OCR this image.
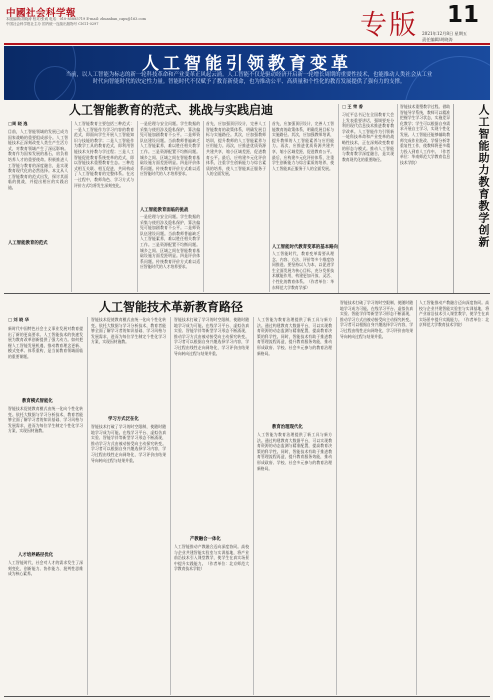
中國社会科学報
本版编辑/胡晓涛 校对/张诚 电话：010-85885719 E-mail: zhuanban_caps@163.com
中国社会科学报社主办 国内统一连续出版物号 CN11-0297	专版 11
2021年12月8日 星期五
责任编辑/胡晓涛
人工智能引领教育变革
当前，以人工智能为标志的新一轮科技革命和产业变革正风起云涌。人工智能不仅是驱动经济开启新一轮增长周期的重要性技术，也能推动人类社会从工业时代向智能时代的决定性力量。智能时代不仅赋予了教育新使命，也为推动公平、高质量和个性化的教育发展提供了强有力的支撑。
人工智能教育的范式、挑战与实践启迪
□周 晓 逸
目前，人工智能领域的发展已成为国家战略的重要组成部分。人工智能技术正深刻改变人类生产生活方式，对教育领域产生了深远影响。教育作为国家发展的基石，肩负着培养人才的重要使命。积极推进人工智能与教育的深度融合，是实现教育现代化的必然选择。本文从人工智能教育的范式出发，探讨其面临的挑战，并提出相应的实践启迪。
人工智能教育的范式
人工智能教育主要包括三种范式：一是人工智能作为学习内容的教育范式，即面向学生开展人工智能知识与技能的教学；二是人工智能作为教学工具的教育范式，即利用智能技术支持教与学过程；三是人工智能促进教育系统变革的范式，即以智能技术重塑教育生态。三种范式相互关联、相互促进，共同构成了人工智能教育的完整体系。在这一过程中，教师角色、学习方式与评价方式均将发生深刻变化。
一是伦理与安全问题。学生数据的采集与使用涉及隐私保护，算法偏见可能加剧教育不公平。二是师资队伍建设问题。当前教师普遍缺乏人工智能素养，难以胜任相关教学工作。三是资源配置不均衡问题。城乡之间、区域之间在智能教育基础设施方面差距明显。四是评价体系问题。传统教育评价方式难以适应智能时代的人才培养要求。
人工智能教育面临的挑战
一是伦理与安全问题。学生数据的采集与使用涉及隐私保护，算法偏见可能加剧教育不公平。二是师资队伍建设问题。当前教师普遍缺乏人工智能素养，难以胜任相关教学工作。三是资源配置不均衡问题。城乡之间、区域之间在智能教育基础设施方面差距明显。四是评价体系问题。传统教育评价方式难以适应智能时代的人才培养要求。
首先，应加强顶层设计，完善人工智能教育的政策体系，明确发展目标与实施路径。其次，应加强教师培训，提升教师的人工智能素养与应用能力。再次，应推进优质资源共建共享，缩小区域差距，促进教育公平。最后，应构建多元化评价体系，注重学生创新能力与综合素质的培养，使人工智能真正服务于人的全面发展。
首先，应加强顶层设计，完善人工智能教育的政策体系，明确发展目标与实施路径。其次，应加强教师培训，提升教师的人工智能素养与应用能力。再次，应推进优质资源共建共享，缩小区域差距，促进教育公平。最后，应构建多元化评价体系，注重学生创新能力与综合素质的培养，使人工智能真正服务于人的全面发展。
人工智能时代教育变革的基本路向
人工智能时代，教育变革需要从理念、内容、方法、评价等多个维度协同推进。要坚持以人为本，以促进学生全面发展为核心目标，充分发挥技术赋能作用，构建更加开放、灵活、个性化的教育体系。（作者单位：华东师范大学教育学部）
□ 王 荣 香
习近平总书记在全国教育大会上发表重要讲话，强调要充分利用现代信息技术推进教育教学改革。人工智能作为引领新一轮科技革命和产业变革的战略性技术，正在深刻改变教育的形态与模式。推动人工智能与教育教学深度融合，是实现教育现代化的重要路径。
智能技术重塑教学过程。借助智能导学系统，教师可以精准把握学生学习状态，实施差异化教学；学生可以根据自身需求开展自主学习，实现个性化发展。人工智能还能够辅助教师完成作业批改、学情分析等重复性工作，使教师将更多精力投入到育人工作中。（作者单位：华南师范大学教育信息技术学院）	人工智能助力教育教学创新
人工智能技术革新教育路径
□ 刘 晓 华
新时代中国特色社会主义事业发展对教育提出了新的更高要求。人工智能技术的快速发展为教育改革创新提供了强大动力。如何把握人工智能发展机遇，推动教育理念更新、模式变革、体系重构，是当前教育领域面临的重要课题。
教育模式智能化
智能技术促使教育模式由统一化向个性化转变。依托大数据与学习分析技术，教育者能够全面了解学习者的知识基础、学习风格与发展需求，进而为每位学生制定个性化学习方案，实现因材施教。
人才培养路径优化
人工智能时代，社会对人才的需求发生了深刻变化，创新能力、协作能力、批判性思维成为核心素养。
智能技术促使教育模式由统一化向个性化转变。依托大数据与学习分析技术，教育者能够全面了解学习者的知识基础、学习风格与发展需求，进而为每位学生制定个性化学习方案，实现因材施教。
学习方式泛在化
智能技术打破了学习的时空限制，使随时随地学习成为可能。在线学习平台、虚拟仿真实验、智能学伴等新型学习形态不断涌现，推动学习方式由被动接受向主动探究转变。学习者可以根据自身兴趣选择学习内容，学习过程由线性走向网络化，学习评价由结果导向转向过程与结果并重。
智能技术打破了学习的时空限制，使随时随地学习成为可能。在线学习平台、虚拟仿真实验、智能学伴等新型学习形态不断涌现，推动学习方式由被动接受向主动探究转变。学习者可以根据自身兴趣选择学习内容，学习过程由线性走向网络化，学习评价由结果导向转向过程与结果并重。
产教融合一体化
人工智能推动产教融合迈向深度协同。高校与企业共建智能实验室与实训基地，将产业前沿技术引入课堂教学，使学生在真实场景中提升实践能力。（作者单位：北京师范大学教育技术学院）
人工智能为教育治理提供了新工具与新方法。通过构建教育大数据平台，可以实现教育资源的动态监测与精准配置，提高教育决策的科学性。同时，智能技术有助于推进教育管理流程再造，提升教育服务效能，推动形成政府、学校、社会多元参与的教育治理新格局。
教育治理现代化
人工智能为教育治理提供了新工具与新方法。通过构建教育大数据平台，可以实现教育资源的动态监测与精准配置，提高教育决策的科学性。同时，智能技术有助于推进教育管理流程再造，提升教育服务效能，推动形成政府、学校、社会多元参与的教育治理新格局。
智能技术打破了学习的时空限制，使随时随地学习成为可能。在线学习平台、虚拟仿真实验、智能学伴等新型学习形态不断涌现，推动学习方式由被动接受向主动探究转变。学习者可以根据自身兴趣选择学习内容，学习过程由线性走向网络化，学习评价由结果导向转向过程与结果并重。
人工智能推动产教融合迈向深度协同。高校与企业共建智能实验室与实训基地，将产业前沿技术引入课堂教学，使学生在真实场景中提升实践能力。（作者单位：北京师范大学教育技术学院）
